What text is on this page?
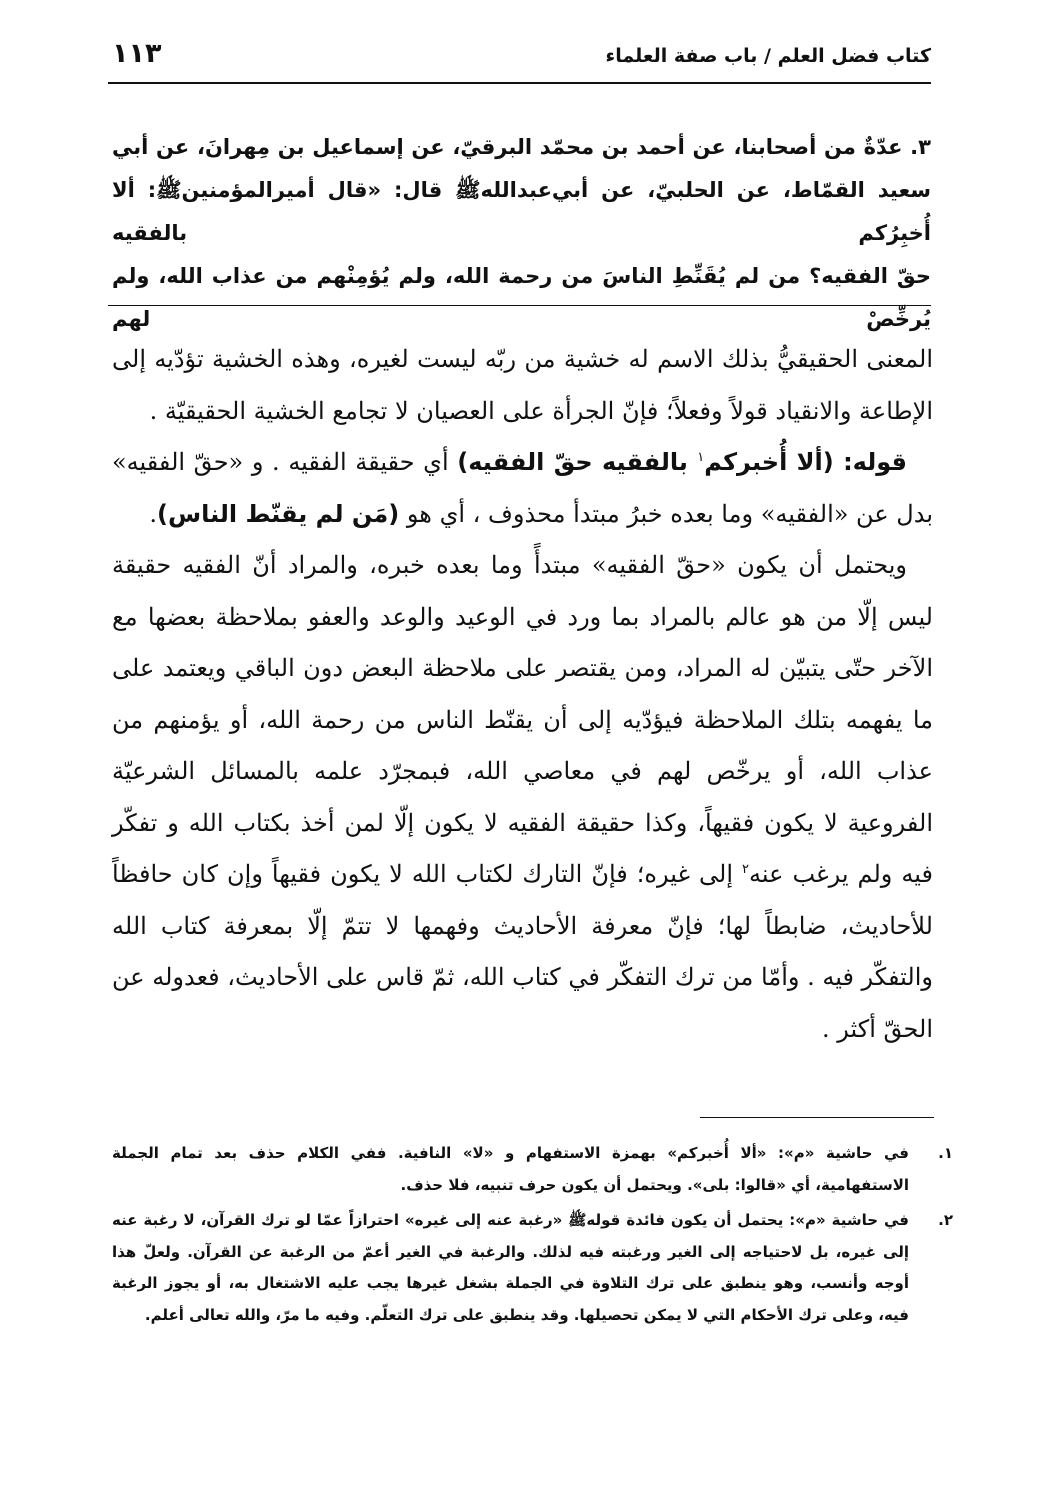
كتاب فضل العلم / باب صفة العلماء
١١٣

٣. عدّةٌ من أصحابنا، عن أحمد بن محمّد البرقيّ، عن إسماعيل بن مِهرانَ، عن أبي

سعيد القمّاط، عن الحلبيّ، عن أبي‌عبدالله‌ﷺ قال: «قال أميرالمؤمنين‌ﷺ: ألا أُخبِرُكم بالفقيه

حقّ الفقيه؟ من لم يُقَنِّطِ الناسَ من رحمة الله، ولم يُؤمِنْهم من عذاب الله، ولم يُرخِّصْ لهم

المعنى الحقيقيُّ بذلك الاسم له خشية من ربّه ليست لغيره، وهذه الخشية تؤدّيه إلى الإطاعة والانقياد قولاً وفعلاً؛ فإنّ الجرأة على العصيان لا تجامع الخشية الحقيقيّة .

قوله: (ألا أُخبركم$^١$ بالفقيه حقّ الفقيه) أي حقيقة الفقيه . و «حقّ الفقيه» بدل عن «الفقيه» وما بعده خبرُ مبتدأ محذوف ، أي هو (مَن لم يقنّط الناس).

ويحتمل أن يكون «حقّ الفقيه» مبتدأً وما بعده خبره، والمراد أنّ الفقيه حقيقة ليس إلّا من هو عالم بالمراد بما ورد في الوعيد والوعد والعفو بملاحظة بعضها مع الآخر حتّى يتبيّن له المراد، ومن يقتصر على ملاحظة البعض دون الباقي ويعتمد على ما يفهمه بتلك الملاحظة فيؤدّيه إلى أن يقنّط الناس من رحمة الله، أو يؤمنهم من عذاب الله، أو يرخّص لهم في معاصي الله، فبمجرّد علمه بالمسائل الشرعيّة الفروعية لا يكون فقيهاً، وكذا حقيقة الفقيه لا يكون إلّا لمن أخذ بكتاب الله و تفكّر فيه ولم يرغب عنه$^٢$ إلى غيره؛ فإنّ التارك لكتاب الله لا يكون فقيهاً وإن كان حافظاً للأحاديث، ضابطاً لها؛ فإنّ معرفة الأحاديث وفهمها لا تتمّ إلّا بمعرفة كتاب الله والتفكّر فيه . وأمّا من ترك التفكّر في كتاب الله، ثمّ قاس على الأحاديث، فعدوله عن الحقّ أكثر .

١.في حاشية «م»: «ألا أُخبركم» بهمزة الاستفهام و «لا» النافية. ففي الكلام حذف بعد تمام الجملة الاستفهامية، أي «قالوا: بلى». ويحتمل أن يكون حرف تنبيه، فلا حذف.

٢.في حاشية «م»: يحتمل أن يكون فائدة قوله‌ﷺ «رغبة عنه إلى غيره» احترازاً عمّا لو ترك القرآن، لا رغبة عنه إلى غيره، بل لاحتياجه إلى الغير ورغبته فيه لذلك. والرغبة في الغير أعمّ من الرغبة عن القرآن. ولعلّ هذا أوجه وأنسب، وهو ينطبق على ترك التلاوة في الجملة بشغل غيرها يجب عليه الاشتغال به، أو يجوز الرغبة فيه، وعلى ترك الأحكام التي لا يمكن تحصيلها. وقد ينطبق على ترك التعلّم. وفيه ما مرّ، والله تعالى أعلم.
